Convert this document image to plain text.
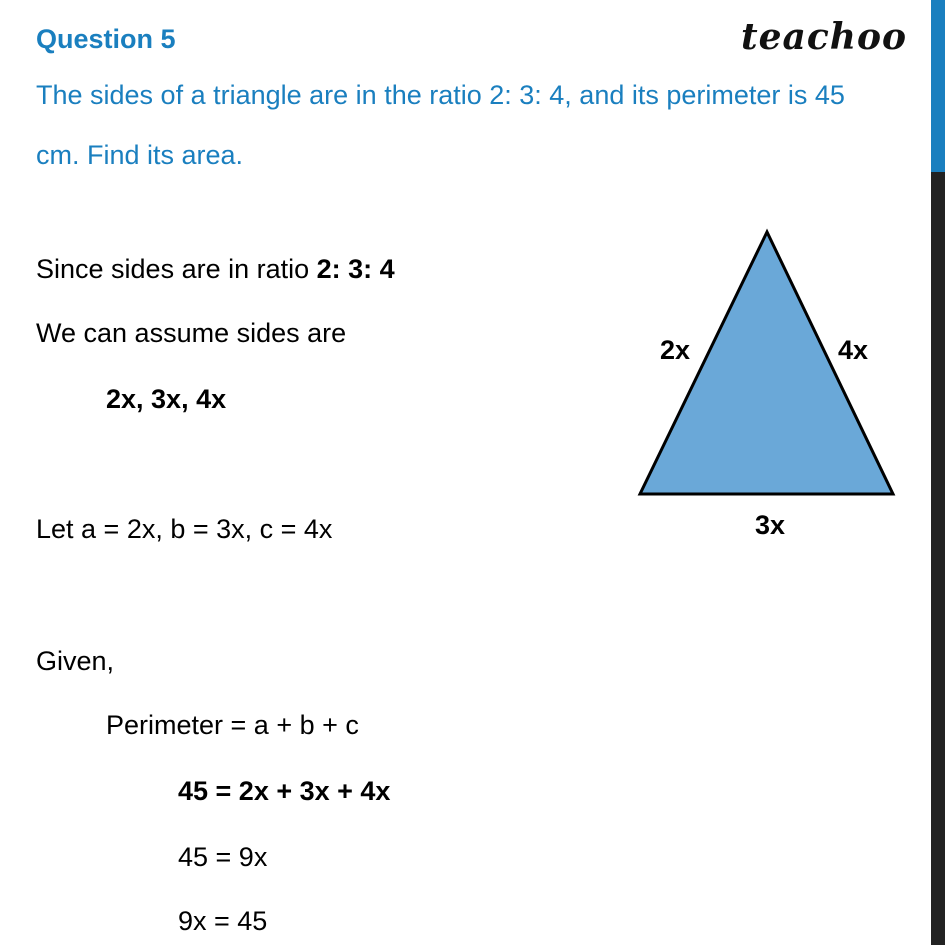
Question 5	teachoo
The sides of a triangle are in the ratio 2: 3: 4, and its perimeter is 45
cm. Find its area.
Since sides are in ratio 2: 3: 4
We can assume sides are
2x, 3x, 4x
Let a = 2x, b = 3x, c = 4x
Given,
Perimeter = a + b + c
45 = 2x + 3x + 4x
45 = 9x
9x = 45
2x	4x
3x
